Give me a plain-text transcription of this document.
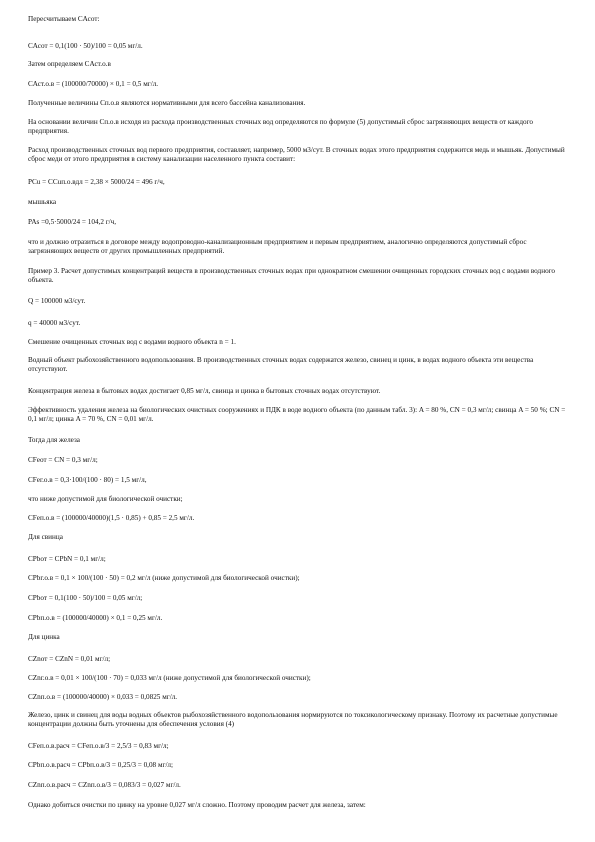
Пересчитываем CАсот:
CАсот = 0,1(100 · 50)/100 = 0,05 мг/л.
Затем определяем CАст.о.в
CАст.о.в = (100000/70000) × 0,1 = 0,5 мг/л.
Полученные величины Cп.о.в являются нормативными для всего бассейна канализования.
На основании величин Cп.о.в исходя из расхода производственных сточных вод определяются по формуле (5) допустимый сброс загрязняющих веществ от каждого предприятия.
Расход производственных сточных вод первого предприятия, составляет, например, 5000 м3/сут. В сточных водах этого предприятия содержится медь и мышьяк. Допустимый сброс меди от этого предприятия в систему канализации населенного пункта составит:
PCu = CCuп.о.вдл = 2,38 × 5000/24 = 496 г/ч,
мышьяка
PAs =0,5·5000/24 = 104,2 г/ч,
что и должно отразиться в договоре между водопроводно-канализационным предприятием и первым предприятием, аналогично определяются допустимый сброс загрязняющих веществ от других промышленных предприятий.
Пример 3. Расчет допустимых концентраций веществ в производственных сточных водах при однократном смешении очищенных городских сточных вод с водами водного объекта.
Q = 100000 м3/сут.
q = 40000 м3/сут.
Смешение очищенных сточных вод с водами водного объекта n = 1.
Водный объект рыбохозяйственного водопользования. В производственных сточных водах содержатся железо, свинец и цинк, в водах водного объекта эти вещества отсутствуют.
Концентрация железа в бытовых водах достигает 0,85 мг/л, свинца и цинка в бытовых сточных водах отсутствуют.
Эффективность удаления железа на биологических очистных сооружениях и ПДК в воде водного объекта (по данным табл. 3): A = 80 %, CN = 0,3 мг/л; свинца A = 50 %; CN = 0,1 мг/л; цинка A = 70 %, CN = 0,01 мг/л.
Тогда для железа
CFeот = CN = 0,3 мг/л;
CFeг.о.в = 0,3·100/(100 · 80) = 1,5 мг/л,
что ниже допустимой для биологической очистки;
CFeп.о.в = (100000/40000)(1,5 · 0,85) + 0,85 = 2,5 мг/л.
Для свинца
CPbот = CPbN = 0,1 мг/л;
CPbг.о.в = 0,1 × 100/(100 · 50) = 0,2 мг/л (ниже допустимой для биологической очистки);
CPbот = 0,1(100 · 50)/100 = 0,05 мг/л;
CPbп.о.в = (100000/40000) × 0,1 = 0,25 мг/л.
Для цинка
CZnот = CZnN = 0,01 мг/л;
CZnг.о.в = 0,01 × 100/(100 · 70) = 0,033 мг/л (ниже допустимой для биологической очистки);
CZnп.о.в = (100000/40000) × 0,033 = 0,0825 мг/л.
Железо, цинк и свинец для воды водных объектов рыбохозяйственного водопользования нормируются по токсикологическому признаку. Поэтому их расчетные допустимые концентрации должны быть уточнены для обеспечения условия (4)
CFeп.о.в.расч = CFeп.о.в/3 = 2,5/3 = 0,83 мг/л;
CPbп.о.в.расч = CPbп.о.в/3 = 0,25/3 = 0,08 мг/л;
CZnп.о.в.расч = CZnп.о.в/3 = 0,083/3 = 0,027 мг/л.
Однако добиться очистки по цинку на уровне 0,027 мг/л сложно. Поэтому проводим расчет для железа, затем:
